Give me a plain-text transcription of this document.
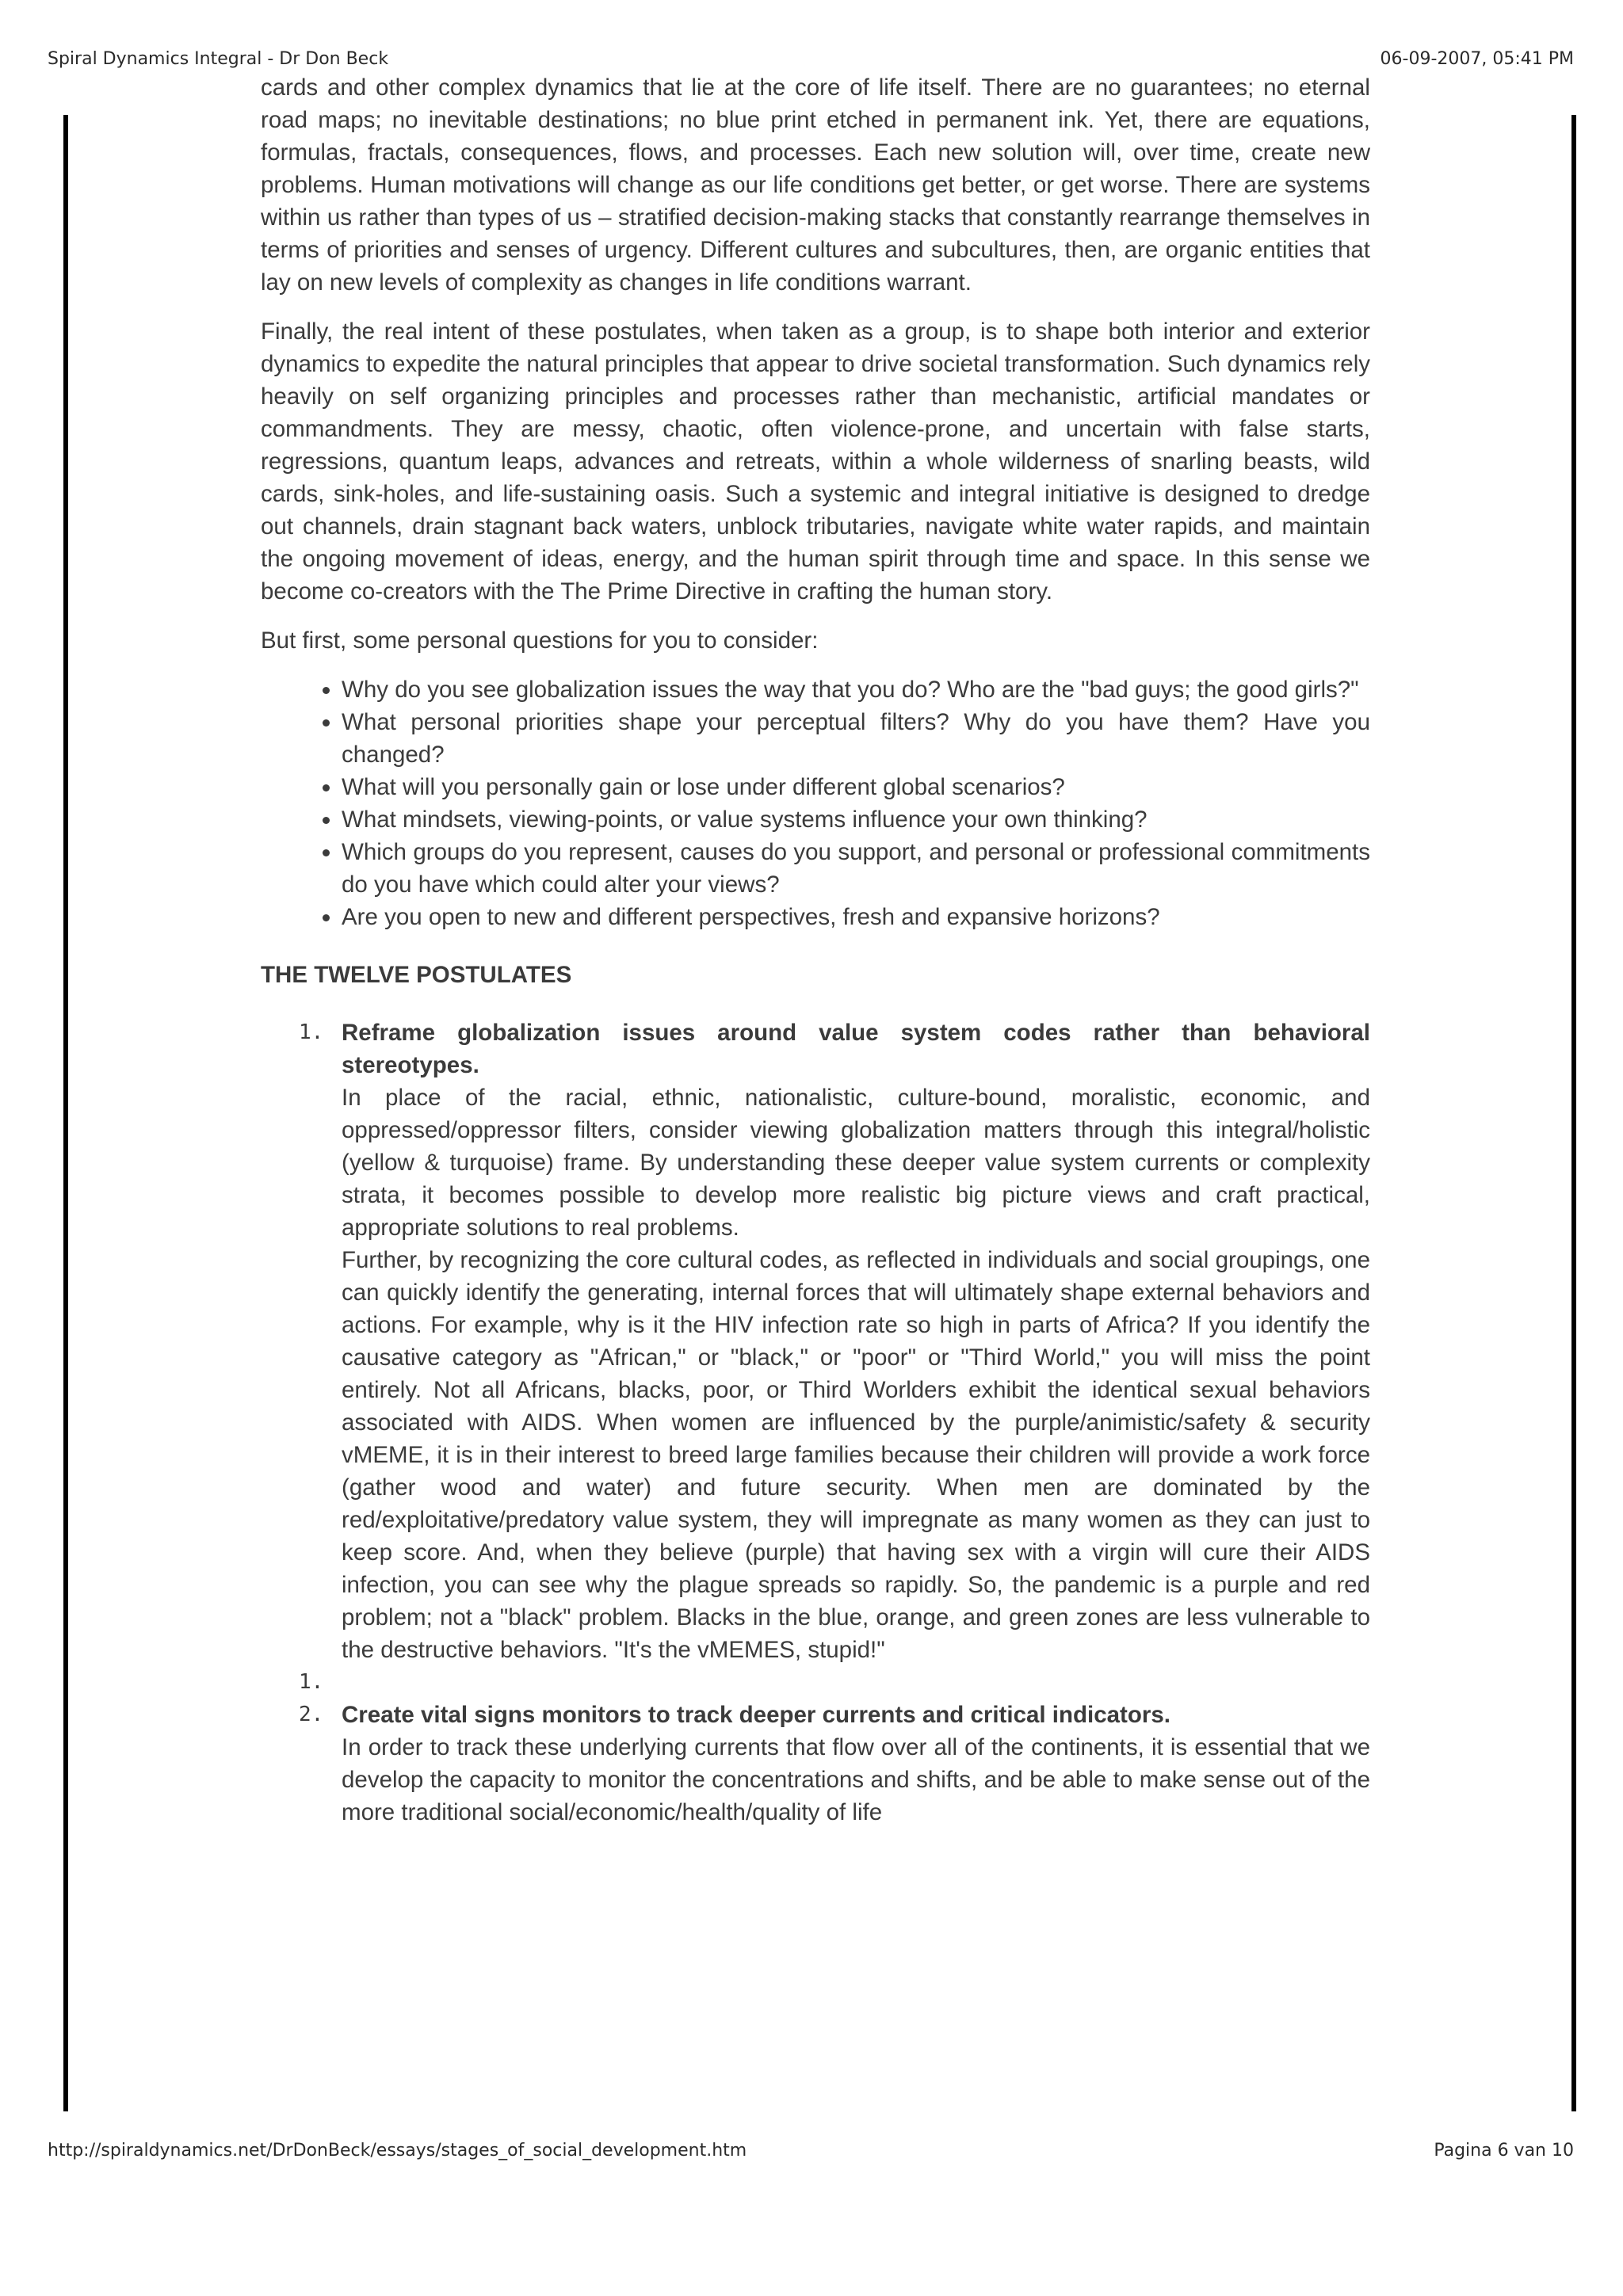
Spiral Dynamics Integral - Dr Don Beck	06-09-2007, 05:41 PM

cards and other complex dynamics that lie at the core of life itself. There are no guarantees; no eternal road maps; no inevitable destinations; no blue print etched in permanent ink. Yet, there are equations, formulas, fractals, consequences, flows, and processes. Each new solution will, over time, create new problems. Human motivations will change as our life conditions get better, or get worse. There are systems within us rather than types of us – stratified decision-making stacks that constantly rearrange themselves in terms of priorities and senses of urgency. Different cultures and subcultures, then, are organic entities that lay on new levels of complexity as changes in life conditions warrant.

Finally, the real intent of these postulates, when taken as a group, is to shape both interior and exterior dynamics to expedite the natural principles that appear to drive societal transformation. Such dynamics rely heavily on self organizing principles and processes rather than mechanistic, artificial mandates or commandments. They are messy, chaotic, often violence-prone, and uncertain with false starts, regressions, quantum leaps, advances and retreats, within a whole wilderness of snarling beasts, wild cards, sink-holes, and life-sustaining oasis. Such a systemic and integral initiative is designed to dredge out channels, drain stagnant back waters, unblock tributaries, navigate white water rapids, and maintain the ongoing movement of ideas, energy, and the human spirit through time and space. In this sense we become co-creators with the The Prime Directive in crafting the human story.

But first, some personal questions for you to consider:

• Why do you see globalization issues the way that you do? Who are the "bad guys; the good girls?"
• What personal priorities shape your perceptual filters? Why do you have them? Have you changed?
• What will you personally gain or lose under different global scenarios?
• What mindsets, viewing-points, or value systems influence your own thinking?
• Which groups do you represent, causes do you support, and personal or professional commitments do you have which could alter your views?
• Are you open to new and different perspectives, fresh and expansive horizons?
THE TWELVE POSTULATES
1. Reframe globalization issues around value system codes rather than behavioral stereotypes.

In place of the racial, ethnic, nationalistic, culture-bound, moralistic, economic, and oppressed/oppressor filters, consider viewing globalization matters through this integral/holistic (yellow & turquoise) frame. By understanding these deeper value system currents or complexity strata, it becomes possible to develop more realistic big picture views and craft practical, appropriate solutions to real problems.

Further, by recognizing the core cultural codes, as reflected in individuals and social groupings, one can quickly identify the generating, internal forces that will ultimately shape external behaviors and actions. For example, why is it the HIV infection rate so high in parts of Africa? If you identify the causative category as "African," or "black," or "poor" or "Third World," you will miss the point entirely. Not all Africans, blacks, poor, or Third Worlders exhibit the identical sexual behaviors associated with AIDS. When women are influenced by the purple/animistic/safety & security vMEME, it is in their interest to breed large families because their children will provide a work force (gather wood and water) and future security. When men are dominated by the red/exploitative/predatory value system, they will impregnate as many women as they can just to keep score. And, when they believe (purple) that having sex with a virgin will cure their AIDS infection, you can see why the plague spreads so rapidly. So, the pandemic is a purple and red problem; not a "black" problem. Blacks in the blue, orange, and green zones are less vulnerable to the destructive behaviors. "It's the vMEMES, stupid!"

1.
2. Create vital signs monitors to track deeper currents and critical indicators.

In order to track these underlying currents that flow over all of the continents, it is essential that we develop the capacity to monitor the concentrations and shifts, and be able to make sense out of the more traditional social/economic/health/quality of life

http://spiraldynamics.net/DrDonBeck/essays/stages_of_social_development.htm	Pagina 6 van 10
